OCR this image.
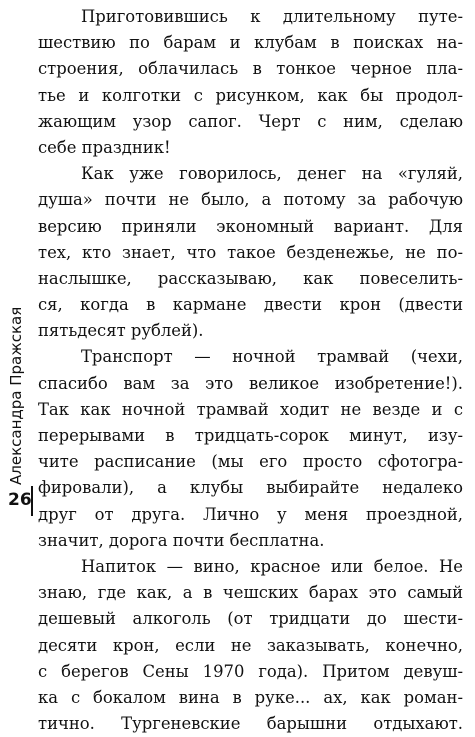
Александра Пражская
26
Приготовившись к длительному путе-
шествию по барам и клубам в поисках на-
строения, облачилась в тонкое черное пла-
тье и колготки с рисунком, как бы продол-
жающим узор сапог. Черт с ним, сделаю
себе праздник!
Как уже говорилось, денег на «гуляй,
душа» почти не было, а потому за рабочую
версию приняли экономный вариант. Для
тех, кто знает, что такое безденежье, не по-
наслышке, рассказываю, как повеселить-
ся, когда в кармане двести крон (двести
пятьдесят рублей).
Транспорт — ночной трамвай (чехи,
спасибо вам за это великое изобретение!).
Так как ночной трамвай ходит не везде и с
перерывами в тридцать-сорок минут, изу-
чите расписание (мы его просто сфотогра-
фировали), а клубы выбирайте недалеко
друг от друга. Лично у меня проездной,
значит, дорога почти бесплатна.
Напиток — вино, красное или белое. Не
знаю, где как, а в чешских барах это самый
дешевый алкоголь (от тридцати до шести-
десяти крон, если не заказывать, конечно,
с берегов Сены 1970 года). Притом девуш-
ка с бокалом вина в руке... ах, как роман-
тично. Тургеневские барышни отдыхают.
